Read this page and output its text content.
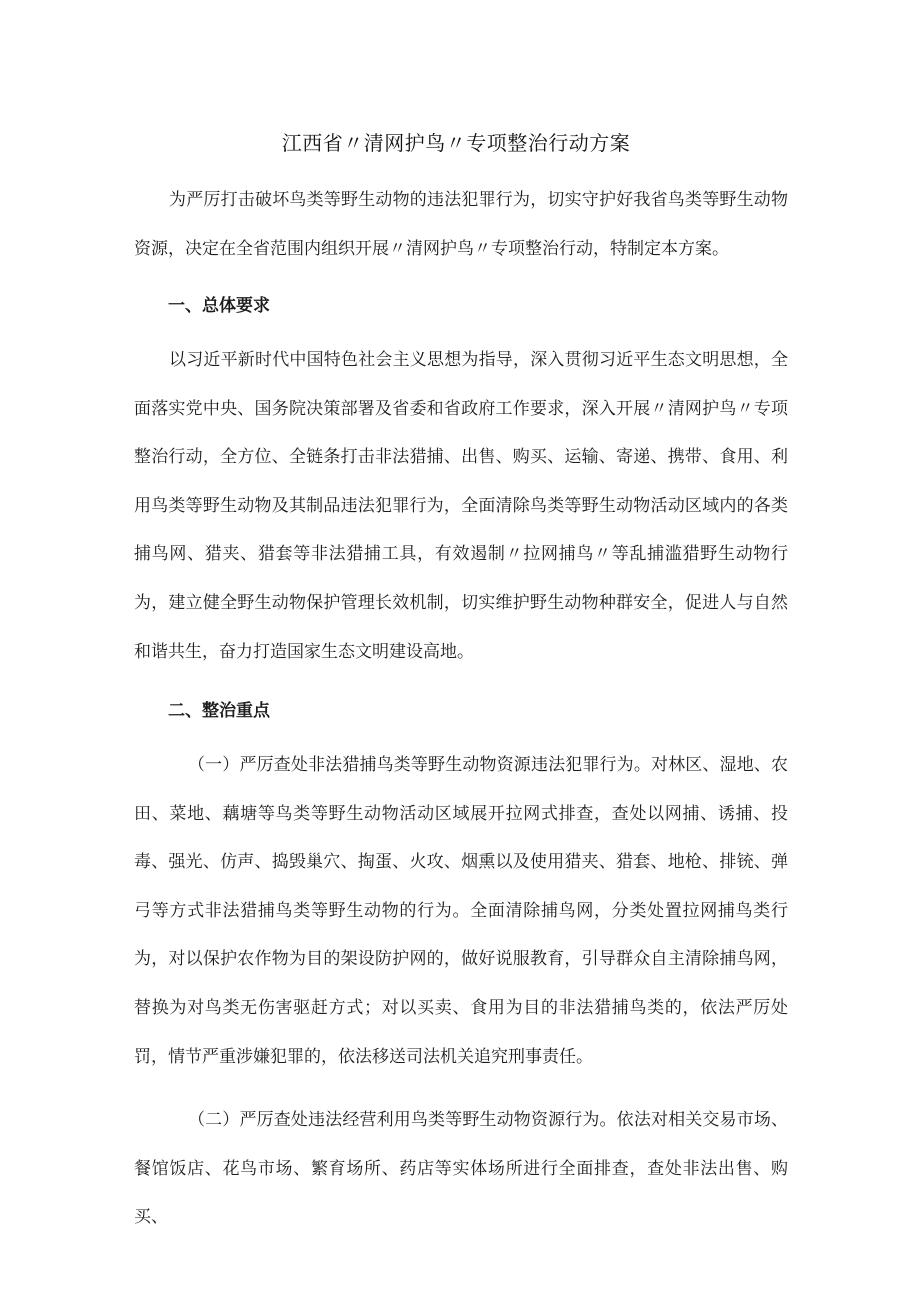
江西省〃清网护鸟〃专项整治行动方案

为严厉打击破坏鸟类等野生动物的违法犯罪行为，切实守护好我省鸟类等野生动物资源，决定在全省范围内组织开展〃清网护鸟〃专项整治行动，特制定本方案。

一、总体要求

以习近平新时代中国特色社会主义思想为指导，深入贯彻习近平生态文明思想，全面落实党中央、国务院决策部署及省委和省政府工作要求，深入开展〃清网护鸟〃专项整治行动，全方位、全链条打击非法猎捕、出售、购买、运输、寄递、携带、食用、利用鸟类等野生动物及其制品违法犯罪行为，全面清除鸟类等野生动物活动区域内的各类捕鸟网、猎夹、猎套等非法猎捕工具，有效遏制〃拉网捕鸟〃等乱捕滥猎野生动物行为，建立健全野生动物保护管理长效机制，切实维护野生动物种群安全，促进人与自然和谐共生，奋力打造国家生态文明建设高地。

二、整治重点

（一）严厉查处非法猎捕鸟类等野生动物资源违法犯罪行为。对林区、湿地、农田、菜地、藕塘等鸟类等野生动物活动区域展开拉网式排查，查处以网捕、诱捕、投毒、强光、仿声、捣毁巢穴、掏蛋、火攻、烟熏以及使用猎夹、猎套、地枪、排铳、弹弓等方式非法猎捕鸟类等野生动物的行为。全面清除捕鸟网，分类处置拉网捕鸟类行为，对以保护农作物为目的架设防护网的，做好说服教育，引导群众自主清除捕鸟网，替换为对鸟类无伤害驱赶方式；对以买卖、食用为目的非法猎捕鸟类的，依法严厉处罚，情节严重涉嫌犯罪的，依法移送司法机关追究刑事责任。

（二）严厉查处违法经营利用鸟类等野生动物资源行为。依法对相关交易市场、餐馆饭店、花鸟市场、繁育场所、药店等实体场所进行全面排查，查处非法出售、购买、
